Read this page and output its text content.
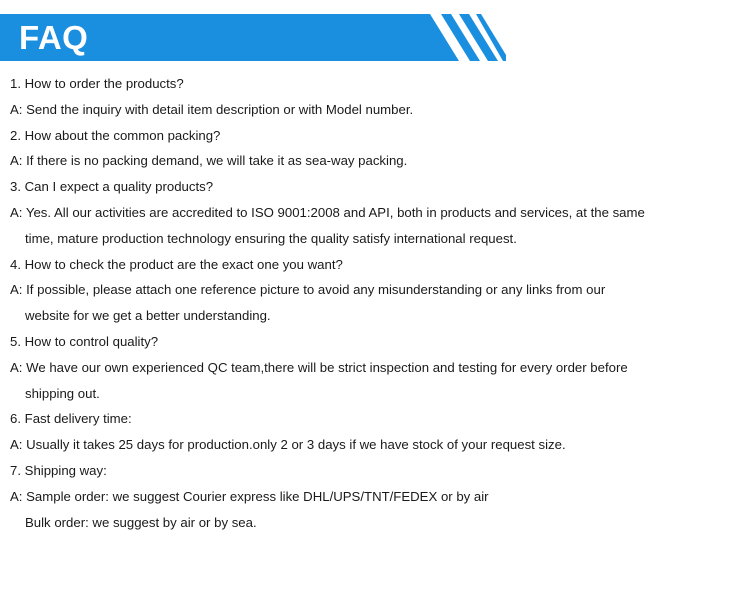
FAQ
1. How to order the products?
A: Send the inquiry with detail item description or with Model number.
2. How about the common packing?
A: If there is no packing demand, we will take it as sea-way packing.
3. Can I expect a quality products?
A: Yes. All our activities are accredited to ISO 9001:2008 and API, both in products and services, at the same
time, mature production technology ensuring the quality satisfy international request.
4. How to check the product are the exact one you want?
A: If possible, please attach one reference picture to avoid any misunderstanding or any links from our
website for we get a better understanding.
5. How to control quality?
A: We have our own experienced QC team,there will be strict inspection and testing for every order before
shipping out.
6. Fast delivery time:
A: Usually it takes 25 days for production.only 2 or 3 days if we have stock of your request size.
7. Shipping way:
A: Sample order: we suggest Courier express like DHL/UPS/TNT/FEDEX or by air
Bulk order: we suggest by air or by sea.
